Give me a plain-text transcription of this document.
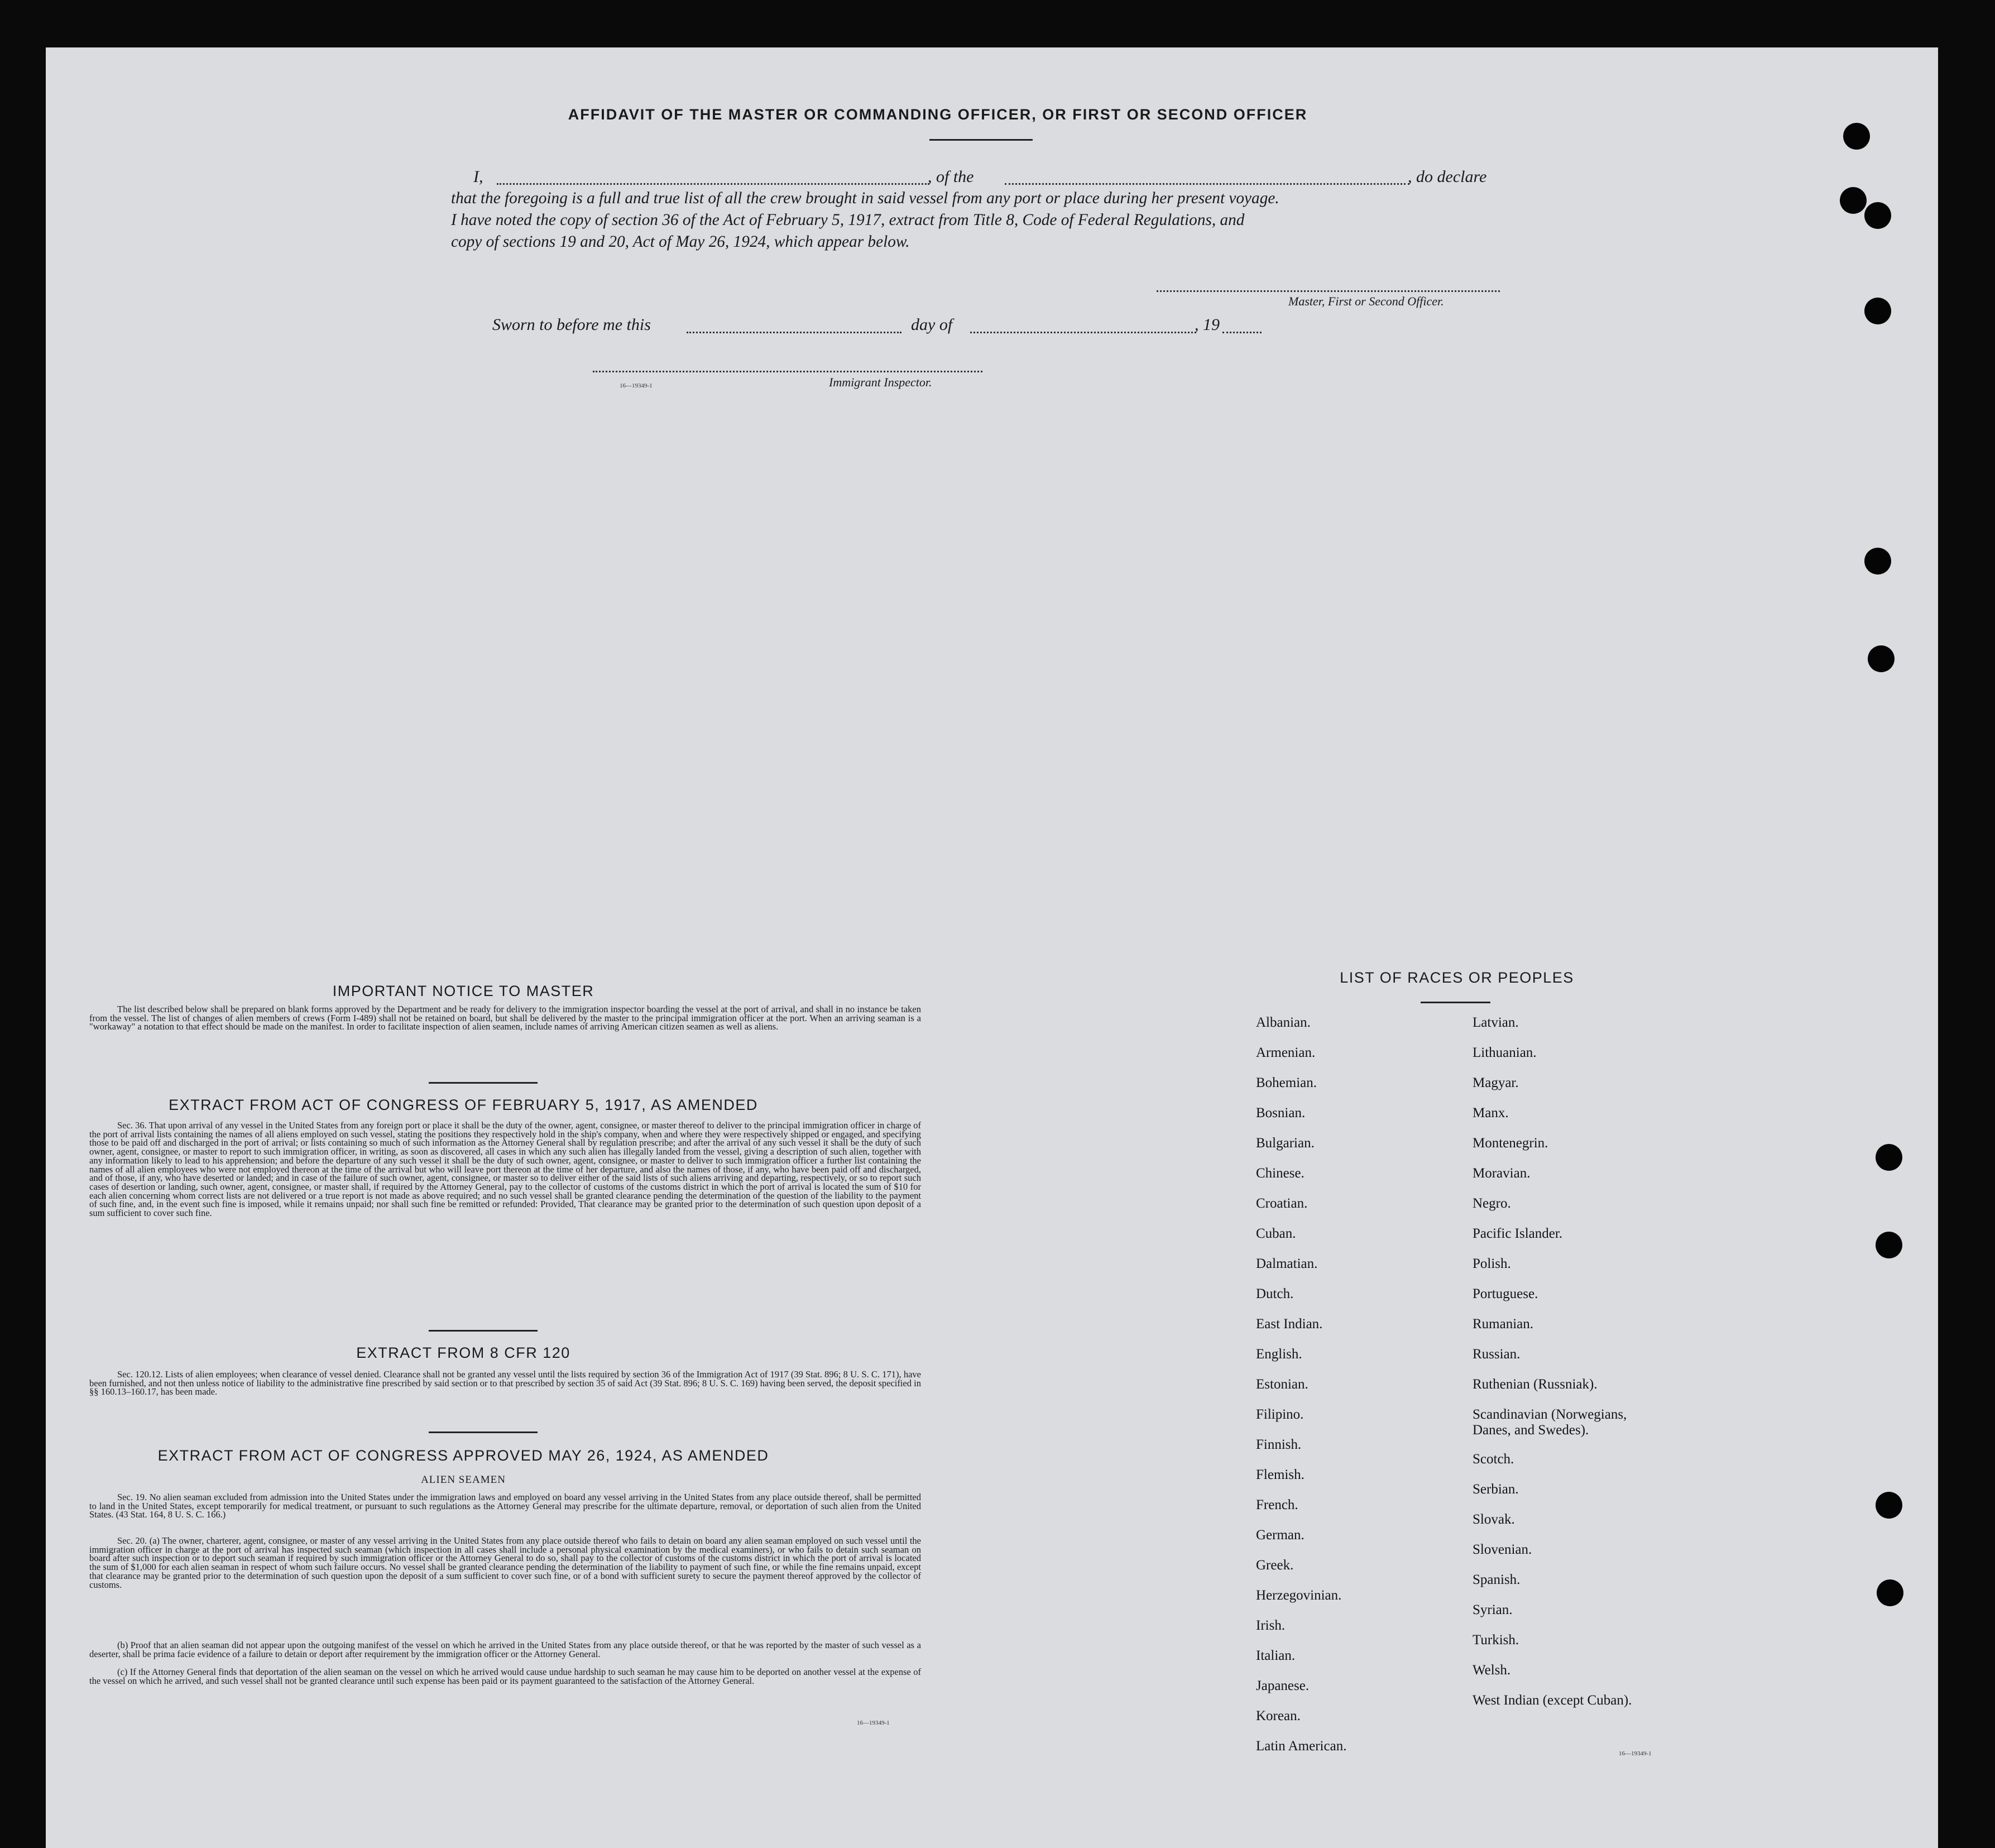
AFFIDAVIT OF THE MASTER OR COMMANDING OFFICER, OR FIRST OR SECOND OFFICER
I,	, of the	, do declare
that the foregoing is a full and true list of all the crew brought in said vessel from any port or place during her present voyage.
I have noted the copy of section 36 of the Act of February 5, 1917, extract from Title 8, Code of Federal Regulations, and
copy of sections 19 and 20, Act of May 26, 1924, which appear below.
Master, First or Second Officer.
Sworn to before me this	day of	, 19
16—19349-1	Immigrant Inspector.
IMPORTANT NOTICE TO MASTER
The list described below shall be prepared on blank forms approved by the Department and be ready for delivery to the immigration inspector boarding the vessel at the port of arrival, and shall in no instance be taken from the vessel. The list of changes of alien members of crews (Form I-489) shall not be retained on board, but shall be delivered by the master to the principal immigration officer at the port. When an arriving seaman is a "workaway" a notation to that effect should be made on the manifest. In order to facilitate inspection of alien seamen, include names of arriving American citizen seamen as well as aliens.
EXTRACT FROM ACT OF CONGRESS OF FEBRUARY 5, 1917, AS AMENDED
Sec. 36. That upon arrival of any vessel in the United States from any foreign port or place it shall be the duty of the owner, agent, consignee, or master thereof to deliver to the principal immigration officer in charge of the port of arrival lists containing the names of all aliens employed on such vessel, stating the positions they respectively hold in the ship's company, when and where they were respectively shipped or engaged, and specifying those to be paid off and discharged in the port of arrival; or lists containing so much of such information as the Attorney General shall by regulation prescribe; and after the arrival of any such vessel it shall be the duty of such owner, agent, consignee, or master to report to such immigration officer, in writing, as soon as discovered, all cases in which any such alien has illegally landed from the vessel, giving a description of such alien, together with any information likely to lead to his apprehension; and before the departure of any such vessel it shall be the duty of such owner, agent, consignee, or master to deliver to such immigration officer a further list containing the names of all alien employees who were not employed thereon at the time of the arrival but who will leave port thereon at the time of her departure, and also the names of those, if any, who have been paid off and discharged, and of those, if any, who have deserted or landed; and in case of the failure of such owner, agent, consignee, or master so to deliver either of the said lists of such aliens arriving and departing, respectively, or so to report such cases of desertion or landing, such owner, agent, consignee, or master shall, if required by the Attorney General, pay to the collector of customs of the customs district in which the port of arrival is located the sum of $10 for each alien concerning whom correct lists are not delivered or a true report is not made as above required; and no such vessel shall be granted clearance pending the determination of the question of the liability to the payment of such fine, and, in the event such fine is imposed, while it remains unpaid; nor shall such fine be remitted or refunded: Provided, That clearance may be granted prior to the determination of such question upon deposit of a sum sufficient to cover such fine.
EXTRACT FROM 8 CFR 120
Sec. 120.12. Lists of alien employees; when clearance of vessel denied. Clearance shall not be granted any vessel until the lists required by section 36 of the Immigration Act of 1917 (39 Stat. 896; 8 U. S. C. 171), have been furnished, and not then unless notice of liability to the administrative fine prescribed by said section or to that prescribed by section 35 of said Act (39 Stat. 896; 8 U. S. C. 169) having been served, the deposit specified in §§ 160.13–160.17, has been made.
EXTRACT FROM ACT OF CONGRESS APPROVED MAY 26, 1924, AS AMENDED
ALIEN SEAMEN
Sec. 19. No alien seaman excluded from admission into the United States under the immigration laws and employed on board any vessel arriving in the United States from any place outside thereof, shall be permitted to land in the United States, except temporarily for medical treatment, or pursuant to such regulations as the Attorney General may prescribe for the ultimate departure, removal, or deportation of such alien from the United States. (43 Stat. 164, 8 U. S. C. 166.)
Sec. 20. (a) The owner, charterer, agent, consignee, or master of any vessel arriving in the United States from any place outside thereof who fails to detain on board any alien seaman employed on such vessel until the immigration officer in charge at the port of arrival has inspected such seaman (which inspection in all cases shall include a personal physical examination by the medical examiners), or who fails to detain such seaman on board after such inspection or to deport such seaman if required by such immigration officer or the Attorney General to do so, shall pay to the collector of customs of the customs district in which the port of arrival is located the sum of $1,000 for each alien seaman in respect of whom such failure occurs. No vessel shall be granted clearance pending the determination of the liability to payment of such fine, or while the fine remains unpaid, except that clearance may be granted prior to the determination of such question upon the deposit of a sum sufficient to cover such fine, or of a bond with sufficient surety to secure the payment thereof approved by the collector of customs.
(b) Proof that an alien seaman did not appear upon the outgoing manifest of the vessel on which he arrived in the United States from any place outside thereof, or that he was reported by the master of such vessel as a deserter, shall be prima facie evidence of a failure to detain or deport after requirement by the immigration officer or the Attorney General.
(c) If the Attorney General finds that deportation of the alien seaman on the vessel on which he arrived would cause undue hardship to such seaman he may cause him to be deported on another vessel at the expense of the vessel on which he arrived, and such vessel shall not be granted clearance until such expense has been paid or its payment guaranteed to the satisfaction of the Attorney General.
16—19349-1
LIST OF RACES OR PEOPLES
Albanian.
Armenian.
Bohemian.
Bosnian.
Bulgarian.
Chinese.
Croatian.
Cuban.
Dalmatian.
Dutch.
East Indian.
English.
Estonian.
Filipino.
Finnish.
Flemish.
French.
German.
Greek.
Herzegovinian.
Irish.
Italian.
Japanese.
Korean.
Latin American.
Latvian.
Lithuanian.
Magyar.
Manx.
Montenegrin.
Moravian.
Negro.
Pacific Islander.
Polish.
Portuguese.
Rumanian.
Russian.
Ruthenian (Russniak).
Scandinavian (Norwegians,
Danes, and Swedes).
Scotch.
Serbian.
Slovak.
Slovenian.
Spanish.
Syrian.
Turkish.
Welsh.
West Indian (except Cuban).
16—19349-1
